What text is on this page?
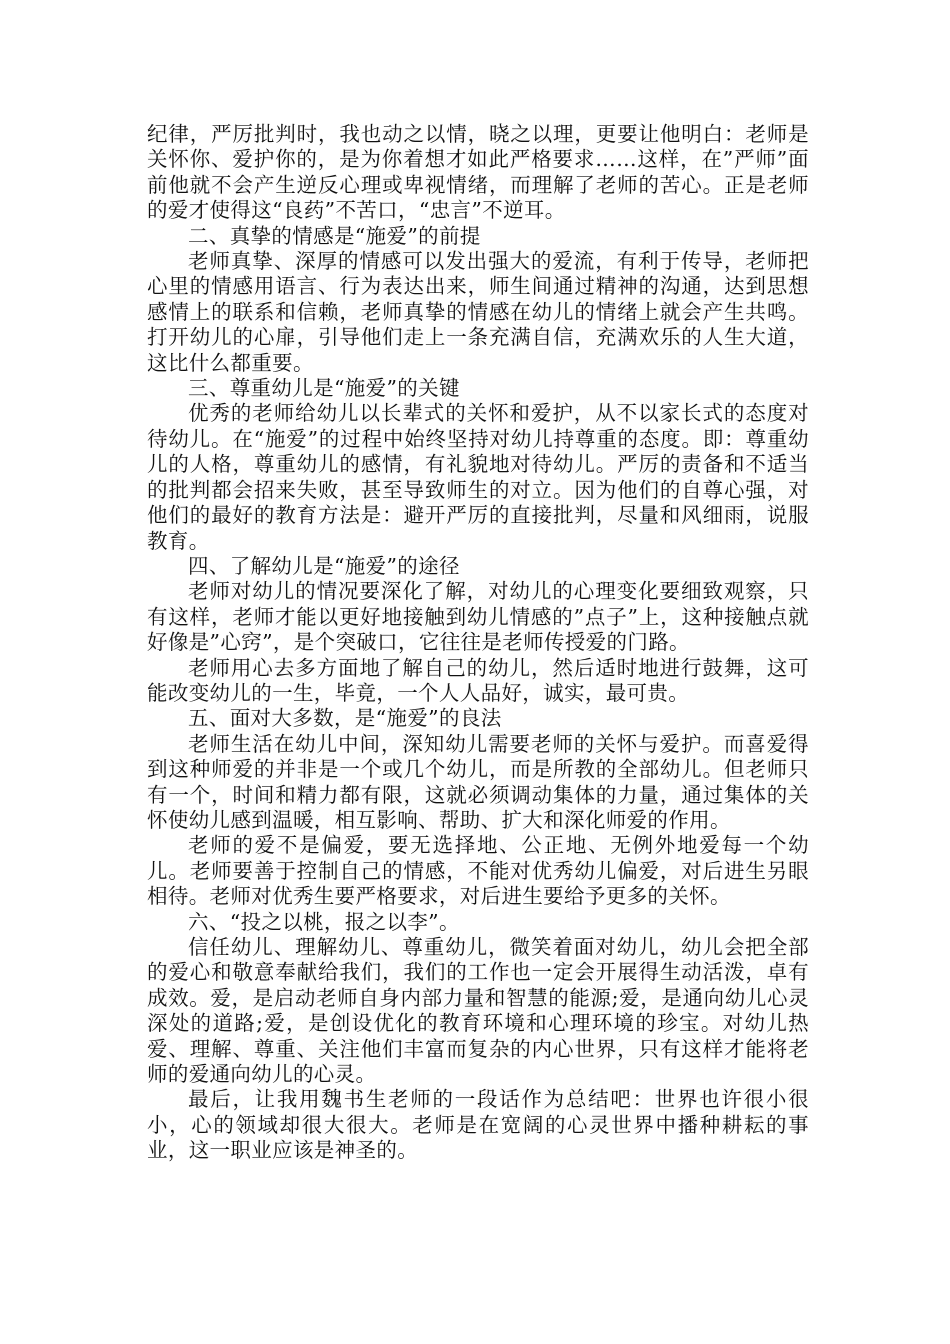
纪律，严厉批判时，我也动之以情，晓之以理，更要让他明白：老师是关怀你、爱护你的，是为你着想才如此严格要求……这样，在”严师”面前他就不会产生逆反心理或卑视情绪，而理解了老师的苦心。正是老师的爱才使得这“良药”不苦口，“忠言”不逆耳。

二、真挚的情感是“施爱”的前提

老师真挚、深厚的情感可以发出强大的爱流，有利于传导，老师把心里的情感用语言、行为表达出来，师生间通过精神的沟通，达到思想感情上的联系和信赖，老师真挚的情感在幼儿的情绪上就会产生共鸣。打开幼儿的心扉，引导他们走上一条充满自信，充满欢乐的人生大道，这比什么都重要。

三、尊重幼儿是“施爱”的关键

优秀的老师给幼儿以长辈式的关怀和爱护，从不以家长式的态度对待幼儿。在“施爱”的过程中始终坚持对幼儿持尊重的态度。即：尊重幼儿的人格，尊重幼儿的感情，有礼貌地对待幼儿。严厉的责备和不适当的批判都会招来失败，甚至导致师生的对立。因为他们的自尊心强，对他们的最好的教育方法是：避开严厉的直接批判，尽量和风细雨，说服教育。

四、了解幼儿是“施爱”的途径

老师对幼儿的情况要深化了解，对幼儿的心理变化要细致观察，只有这样，老师才能以更好地接触到幼儿情感的”点子”上，这种接触点就好像是”心窍”，是个突破口，它往往是老师传授爱的门路。

老师用心去多方面地了解自己的幼儿，然后适时地进行鼓舞，这可能改变幼儿的一生，毕竟，一个人人品好，诚实，最可贵。

五、面对大多数，是“施爱”的良法

老师生活在幼儿中间，深知幼儿需要老师的关怀与爱护。而喜爱得到这种师爱的并非是一个或几个幼儿，而是所教的全部幼儿。但老师只有一个，时间和精力都有限，这就必须调动集体的力量，通过集体的关怀使幼儿感到温暖，相互影响、帮助、扩大和深化师爱的作用。

老师的爱不是偏爱，要无选择地、公正地、无例外地爱每一个幼儿。老师要善于控制自己的情感，不能对优秀幼儿偏爱，对后进生另眼相待。老师对优秀生要严格要求，对后进生要给予更多的关怀。

六、“投之以桃，报之以李”。

信任幼儿、理解幼儿、尊重幼儿，微笑着面对幼儿，幼儿会把全部的爱心和敬意奉献给我们，我们的工作也一定会开展得生动活泼，卓有成效。爱，是启动老师自身内部力量和智慧的能源;爱，是通向幼儿心灵深处的道路;爱，是创设优化的教育环境和心理环境的珍宝。对幼儿热爱、理解、尊重、关注他们丰富而复杂的内心世界，只有这样才能将老师的爱通向幼儿的心灵。

最后，让我用魏书生老师的一段话作为总结吧：世界也许很小很小，心的领域却很大很大。老师是在宽阔的心灵世界中播种耕耘的事业，这一职业应该是神圣的。
